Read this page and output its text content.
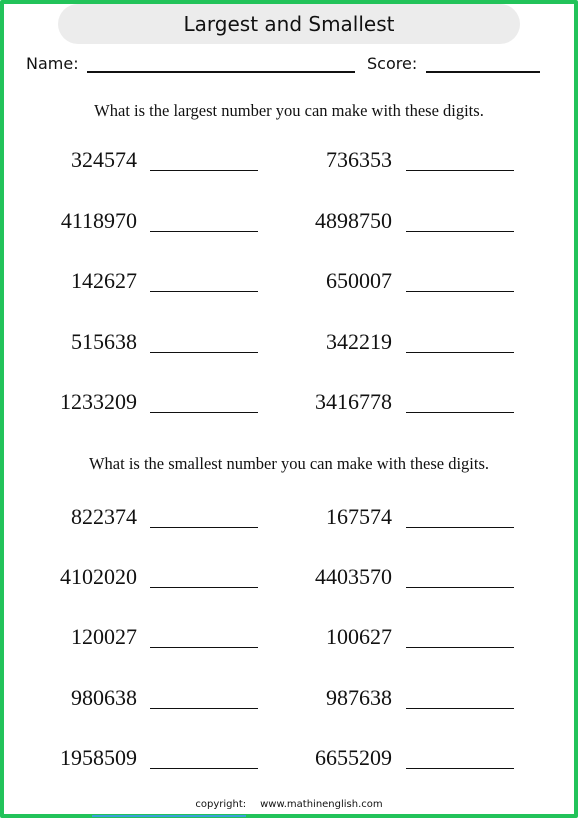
Largest and Smallest
Name:	Score:
What is the largest number you can make with these digits.
324574	736353
4118970	4898750
142627	650007
515638	342219
1233209	3416778
What is the smallest number you can make with these digits.
822374	167574
4102020	4403570
120027	100627
980638	987638
1958509	6655209
copyright: www.mathinenglish.com
